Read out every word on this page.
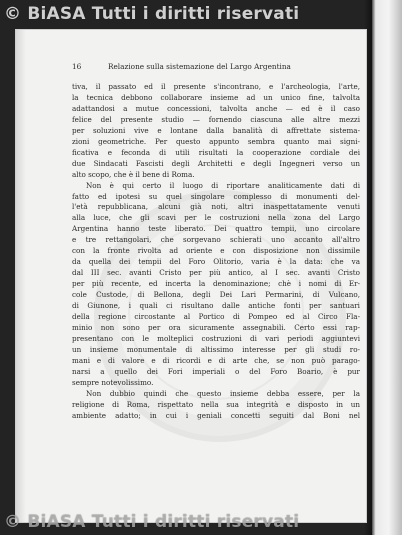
© BiASA Tutti i diritti riservati
16	Relazione sulla sistemazione del Largo Argentina
tiva, il passato ed il presente s'incontrano, e l'archeologia, l'arte,
la tecnica debbono collaborare insieme ad un unico fine, talvolta
adattandosi a mutue concessioni, talvolta anche — ed è il caso
felice del presente studio — fornendo ciascuna alle altre mezzi
per soluzioni vive e lontane dalla banalità di affrettate sistema-
zioni geometriche. Per questo appunto sembra quanto mai signi-
ficativa e feconda di utili risultati la cooperazione cordiale dei
due Sindacati Fascisti degli Architetti e degli Ingegneri verso un
alto scopo, che è il bene di Roma.
Non è qui certo il luogo di riportare analiticamente dati di
fatto ed ipotesi su quel singolare complesso di monumenti del-
l'età repubblicana, alcuni già noti, altri inaspettatamente venuti
alla luce, che gli scavi per le costruzioni nella zona del Largo
Argentina hanno teste liberato. Dei quattro tempii, uno circolare
e tre rettangolari, che sorgevano schierati uno accanto all'altro
con la fronte rivolta ad oriente e con disposizione non dissimile
da quella dei tempii del Foro Olitorio, varia è la data: che va
dal III sec. avanti Cristo per più antico, al I sec. avanti Cristo
per più recente, ed incerta la denominazione; chè i nomi di Er-
cole Custode, di Bellona, degli Dei Lari Permarini, di Vulcano,
di Giunone, i quali ci risultano dalle antiche fonti per santuari
della regione circostante al Portico di Pompeo ed al Circo Fla-
minio non sono per ora sicuramente assegnabili. Certo essi rap-
presentano con le molteplici costruzioni di vari periodi aggiuntevi
un insieme monumentale di altissimo interesse per gli studi ro-
mani e di valore e di ricordi e di arte che, se non può parago-
narsi a quello dei Fori imperiali o del Foro Boario, è pur
sempre notevolissimo.
Non dubbio quindi che questo insieme debba essere, per la
religione di Roma, rispettato nella sua integrità e disposto in un
ambiente adatto; in cui i geniali concetti seguiti dal Boni nel
© BiASA Tutti i diritti riservati
